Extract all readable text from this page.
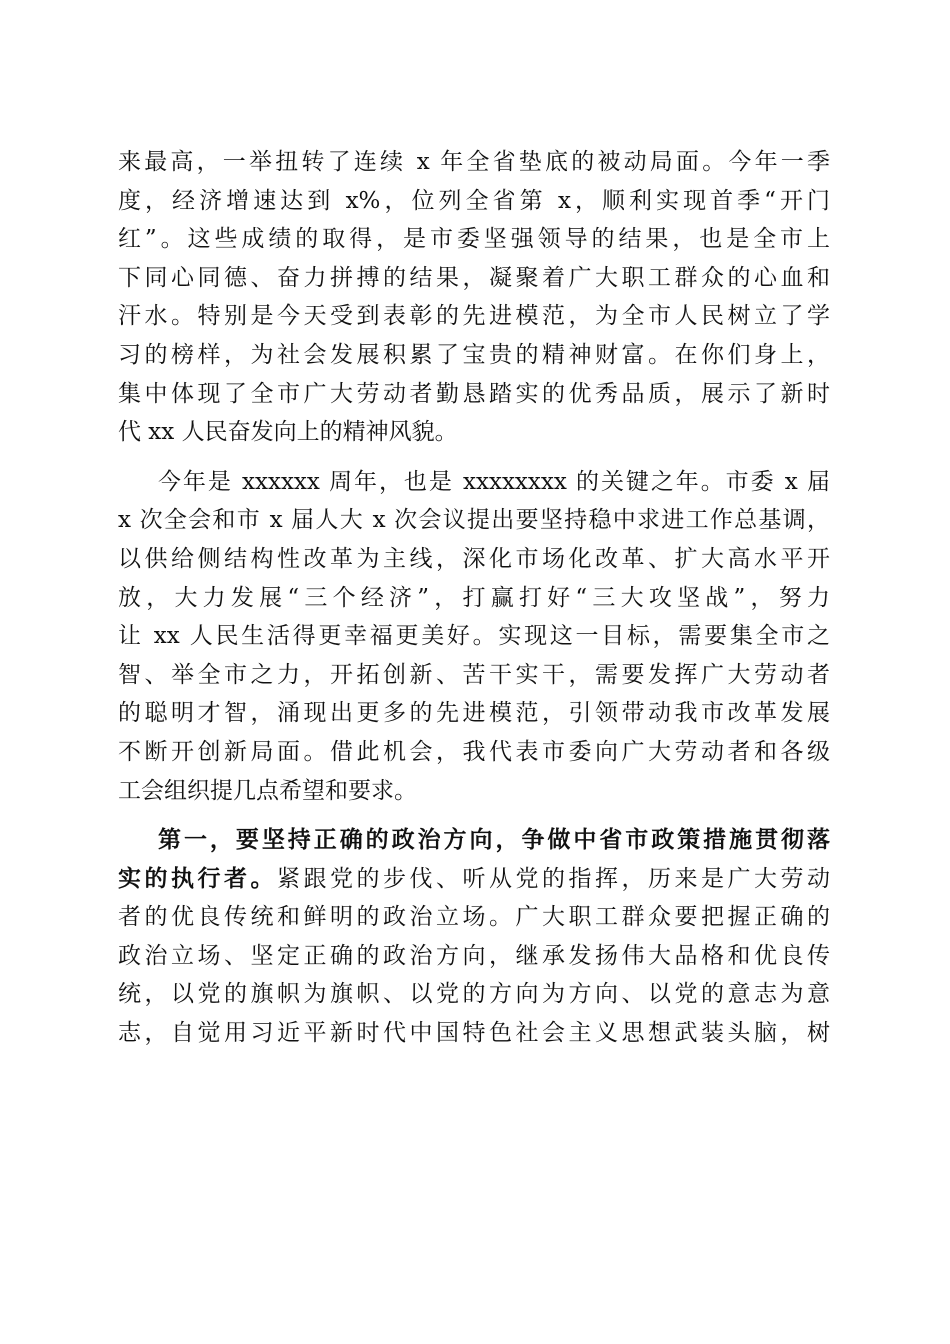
来最高，一举扭转了连续 x 年全省垫底的被动局面。今年一季
度，经济增速达到 x%，位列全省第 x，顺利实现首季“开门
红”。这些成绩的取得，是市委坚强领导的结果，也是全市上
下同心同德、奋力拼搏的结果，凝聚着广大职工群众的心血和
汗水。特别是今天受到表彰的先进模范，为全市人民树立了学
习的榜样，为社会发展积累了宝贵的精神财富。在你们身上，
集中体现了全市广大劳动者勤恳踏实的优秀品质，展示了新时
代 xx 人民奋发向上的精神风貌。
今年是 xxxxxx 周年，也是 xxxxxxxx 的关键之年。市委 x 届
x 次全会和市 x 届人大 x 次会议提出要坚持稳中求进工作总基调，
以供给侧结构性改革为主线，深化市场化改革、扩大高水平开
放，大力发展“三个经济”，打赢打好“三大攻坚战”，努力
让 xx 人民生活得更幸福更美好。实现这一目标，需要集全市之
智、举全市之力，开拓创新、苦干实干，需要发挥广大劳动者
的聪明才智，涌现出更多的先进模范，引领带动我市改革发展
不断开创新局面。借此机会，我代表市委向广大劳动者和各级
工会组织提几点希望和要求。
第一，要坚持正确的政治方向，争做中省市政策措施贯彻落
实的执行者。紧跟党的步伐、听从党的指挥，历来是广大劳动
者的优良传统和鲜明的政治立场。广大职工群众要把握正确的
政治立场、坚定正确的政治方向，继承发扬伟大品格和优良传
统，以党的旗帜为旗帜、以党的方向为方向、以党的意志为意
志，自觉用习近平新时代中国特色社会主义思想武装头脑，树
